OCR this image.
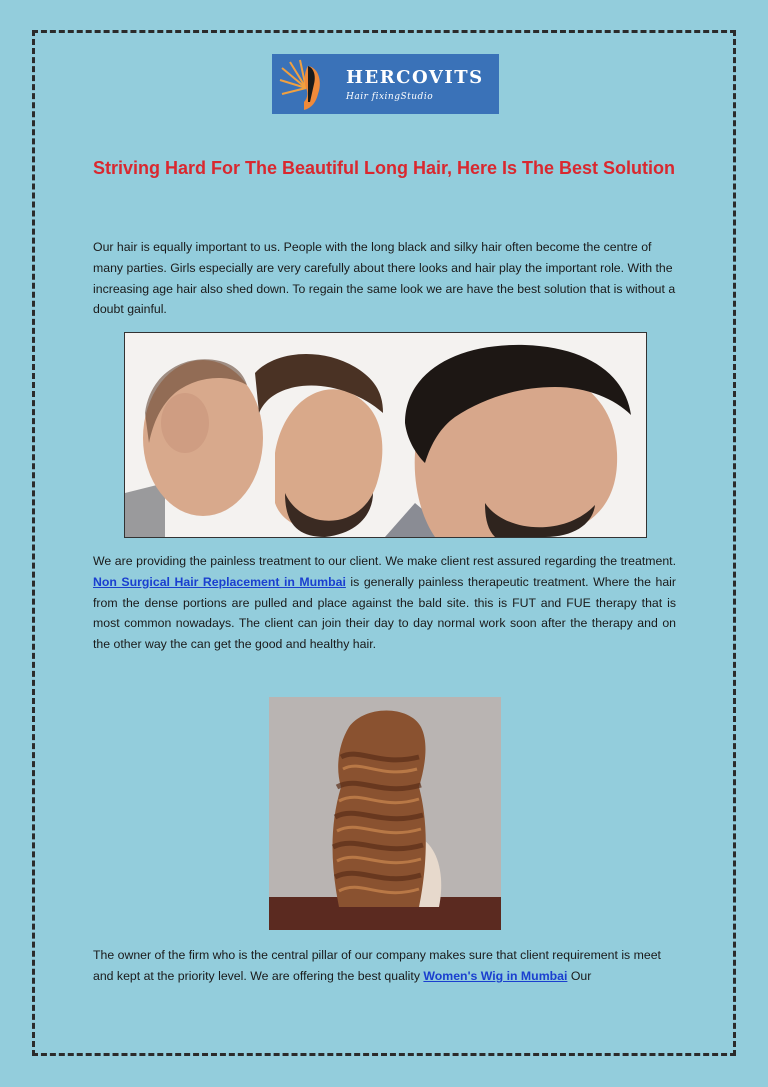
HERCOVITS
Hair fixingStudio
Striving Hard For The Beautiful Long Hair, Here Is The Best Solution

Our hair is equally important to us. People with the long black and silky hair often become the centre of many parties. Girls especially are very carefully about there looks and hair play the important role. With the increasing age hair also shed down. To regain the same look we are have the best solution that is without a doubt gainful.

We are providing the painless treatment to our client. We make client rest assured regarding the treatment. Non Surgical Hair Replacement in Mumbai is generally painless therapeutic treatment. Where the hair from the dense portions are pulled and place against the bald site. this is FUT and FUE therapy that is most common nowadays. The client can join their day to day normal work soon after the therapy and on the other way the can get the good and healthy hair.

The owner of the firm who is the central pillar of our company makes sure that client requirement is meet and kept at the priority level. We are offering the best quality Women's Wig in Mumbai Our
